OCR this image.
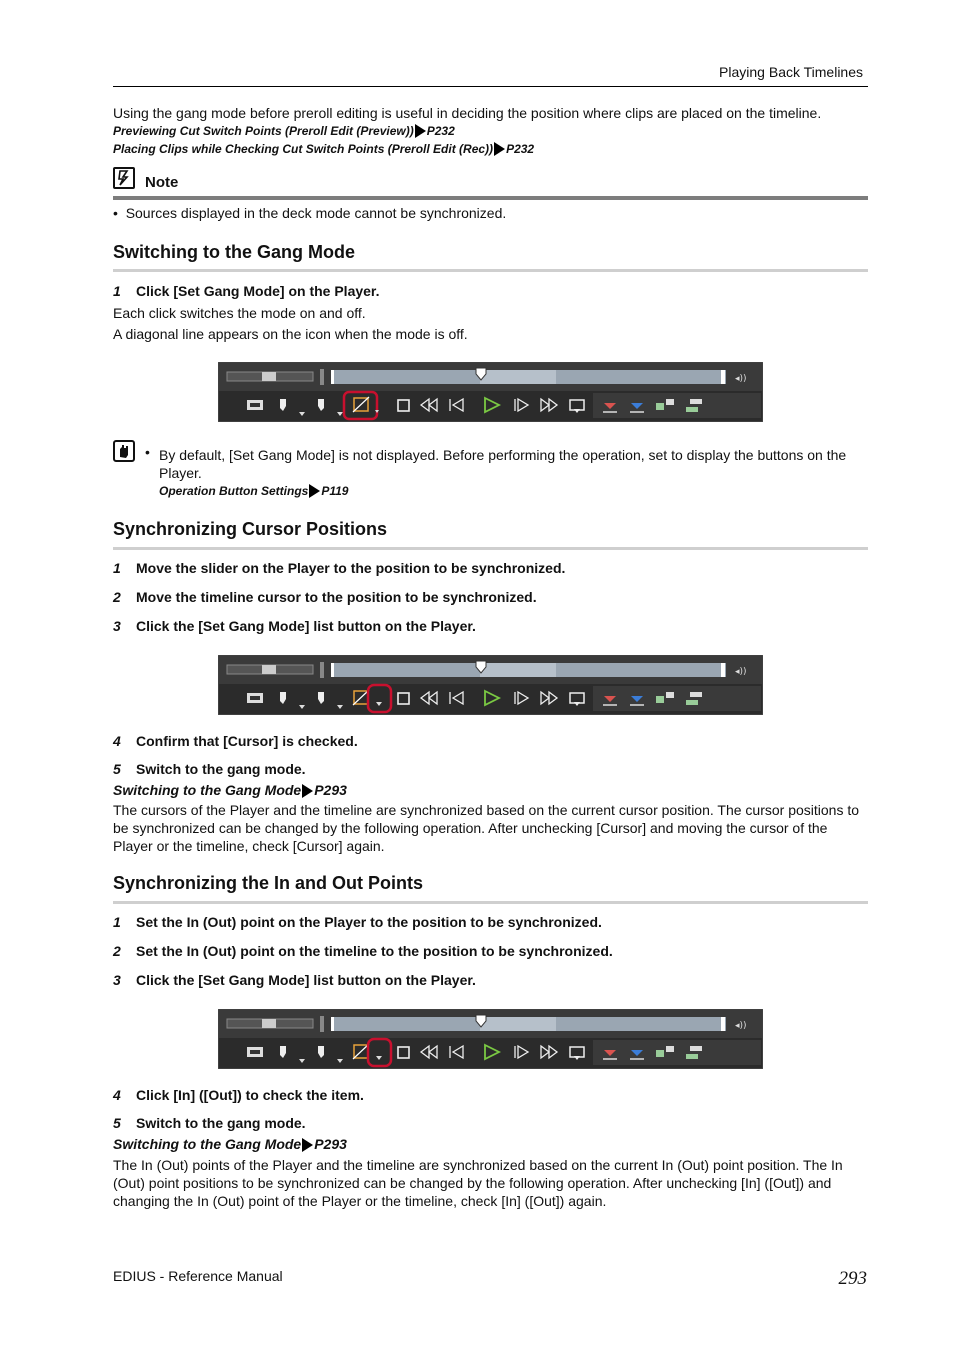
Playing Back Timelines
Using the gang mode before preroll editing is useful in deciding the position where clips are placed on the timeline.
Previewing Cut Switch Points (Preroll Edit (Preview)) P232
Placing Clips while Checking Cut Switch Points (Preroll Edit (Rec)) P232
Note
•  Sources displayed in the deck mode cannot be synchronized.
Switching to the Gang Mode
1 Click [Set Gang Mode] on the Player.
Each click switches the mode on and off.
A diagonal line appears on the icon when the mode is off.
◂))
• By default, [Set Gang Mode] is not displayed. Before performing the operation, set to display the buttons on the Player.
Operation Button Settings P119
Synchronizing Cursor Positions
1 Move the slider on the Player to the position to be synchronized.
2 Move the timeline cursor to the position to be synchronized.
3 Click the [Set Gang Mode] list button on the Player.
◂))
4 Confirm that [Cursor] is checked.
5 Switch to the gang mode.
Switching to the Gang Mode P293
The cursors of the Player and the timeline are synchronized based on the current cursor position. The cursor positions to be synchronized can be changed by the following operation. After unchecking [Cursor] and moving the cursor of the Player or the timeline, check [Cursor] again.
Synchronizing the In and Out Points
1 Set the In (Out) point on the Player to the position to be synchronized.
2 Set the In (Out) point on the timeline to the position to be synchronized.
3 Click the [Set Gang Mode] list button on the Player.
◂))
4 Click [In] ([Out]) to check the item.
5 Switch to the gang mode.
Switching to the Gang Mode P293
The In (Out) points of the Player and the timeline are synchronized based on the current In (Out) point position. The In (Out) point positions to be synchronized can be changed by the following operation. After unchecking [In] ([Out]) and changing the In (Out) point of the Player or the timeline, check [In] ([Out]) again.
EDIUS - Reference Manual	293
